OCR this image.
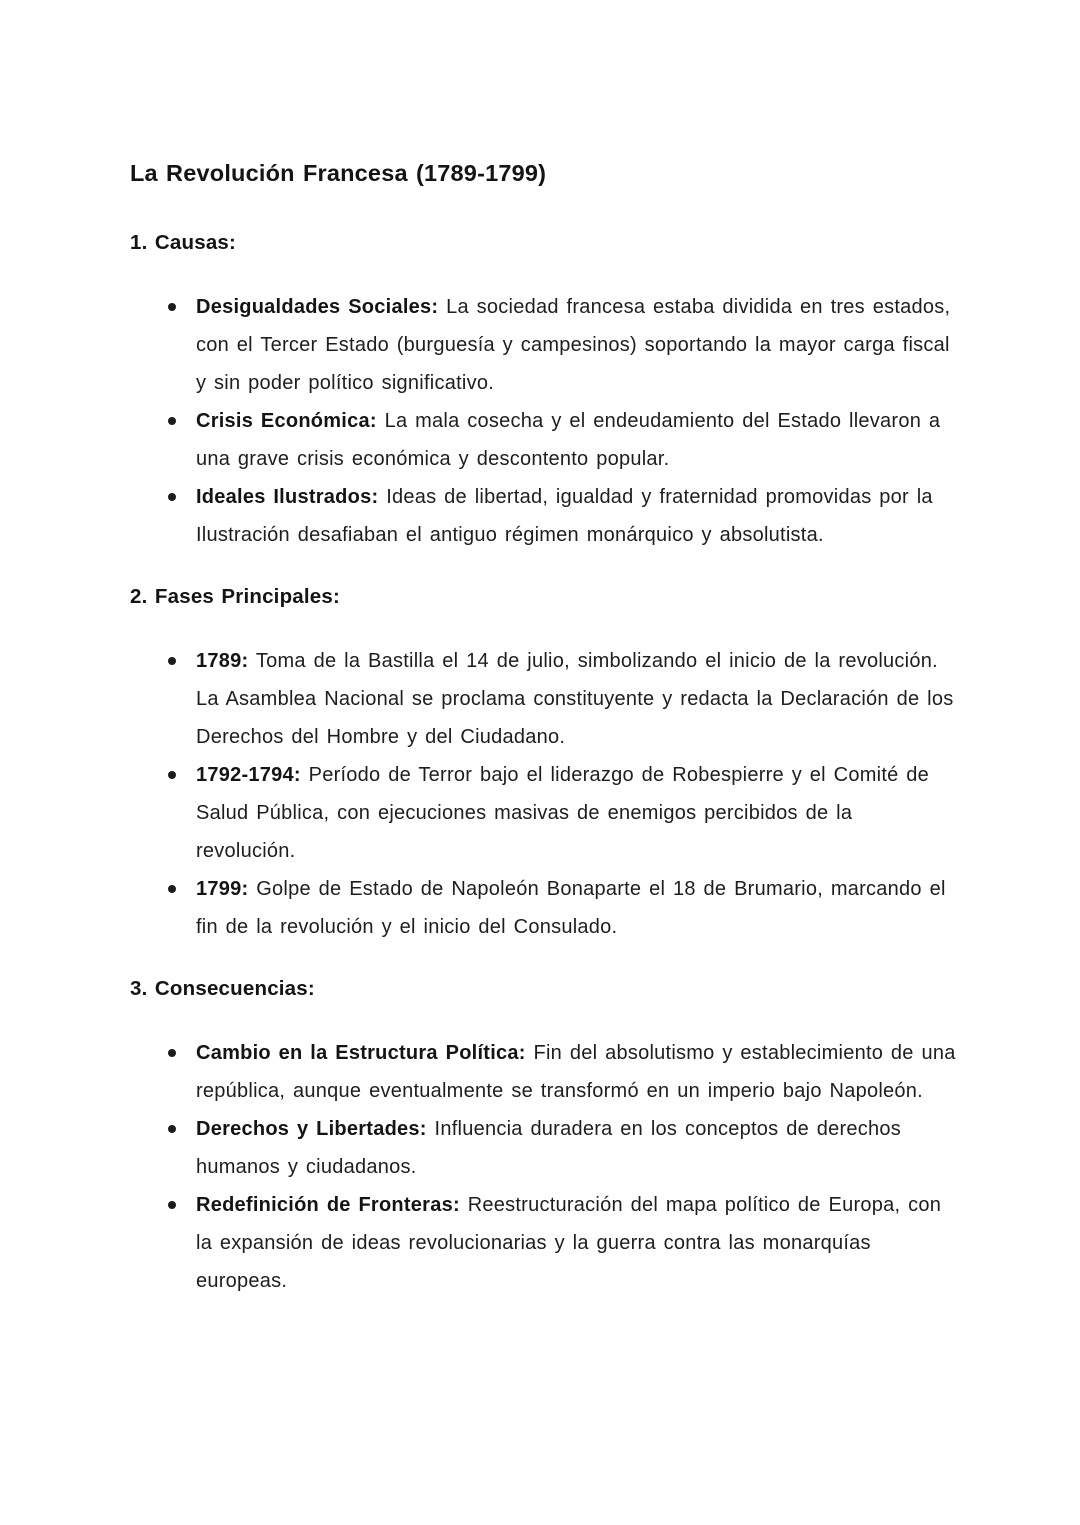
La Revolución Francesa (1789-1799)
1. Causas:
Desigualdades Sociales: La sociedad francesa estaba dividida en tres estados, con el Tercer Estado (burguesía y campesinos) soportando la mayor carga fiscal y sin poder político significativo.
Crisis Económica: La mala cosecha y el endeudamiento del Estado llevaron a una grave crisis económica y descontento popular.
Ideales Ilustrados: Ideas de libertad, igualdad y fraternidad promovidas por la Ilustración desafiaban el antiguo régimen monárquico y absolutista.
2. Fases Principales:
1789: Toma de la Bastilla el 14 de julio, simbolizando el inicio de la revolución. La Asamblea Nacional se proclama constituyente y redacta la Declaración de los Derechos del Hombre y del Ciudadano.
1792-1794: Período de Terror bajo el liderazgo de Robespierre y el Comité de Salud Pública, con ejecuciones masivas de enemigos percibidos de la revolución.
1799: Golpe de Estado de Napoleón Bonaparte el 18 de Brumario, marcando el fin de la revolución y el inicio del Consulado.
3. Consecuencias:
Cambio en la Estructura Política: Fin del absolutismo y establecimiento de una república, aunque eventualmente se transformó en un imperio bajo Napoleón.
Derechos y Libertades: Influencia duradera en los conceptos de derechos humanos y ciudadanos.
Redefinición de Fronteras: Reestructuración del mapa político de Europa, con la expansión de ideas revolucionarias y la guerra contra las monarquías europeas.
